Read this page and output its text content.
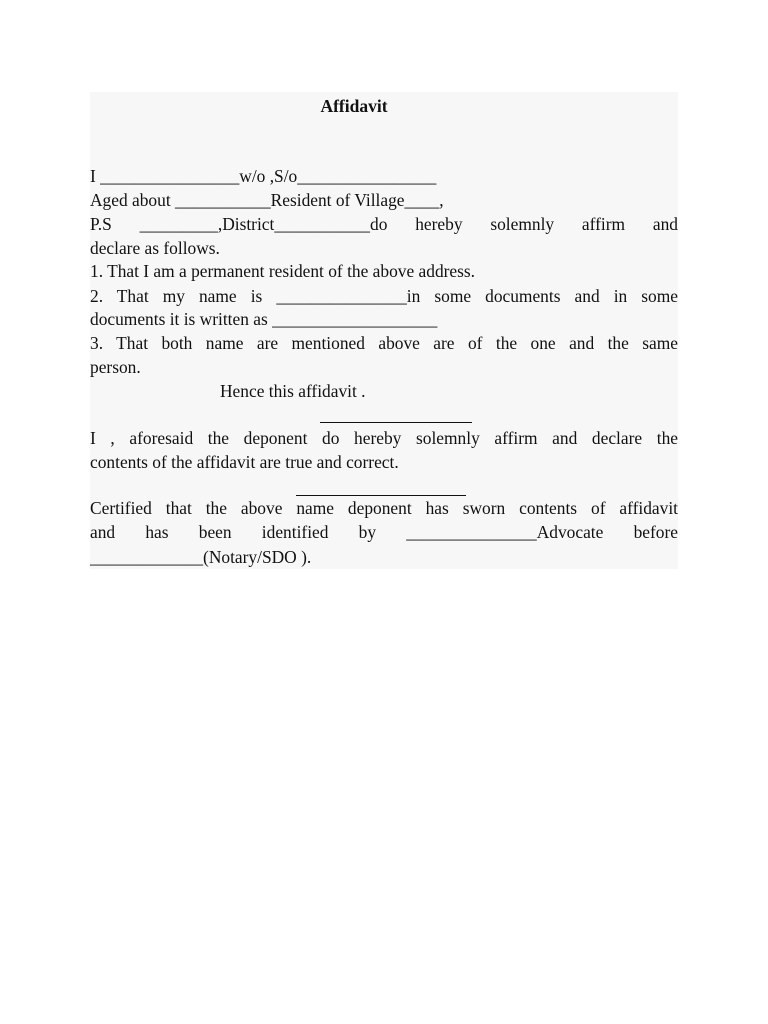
Affidavit
I ________________w/o ,S/o________________
Aged about ___________Resident of Village____,
P.S _________,District___________do hereby solemnly affirm and
declare as follows.
1. That I am a permanent resident of the above address.
2. That my name is _______________in some documents and in some
documents it is written as ___________________
3. That both name are mentioned above are of the one and the same
person.
Hence this affidavit .
I , aforesaid the deponent do hereby solemnly affirm and declare the
contents of the affidavit are true and correct.
Certified that the above name deponent has sworn contents of affidavit
and has been identified by _______________Advocate before
_____________(Notary/SDO ).
